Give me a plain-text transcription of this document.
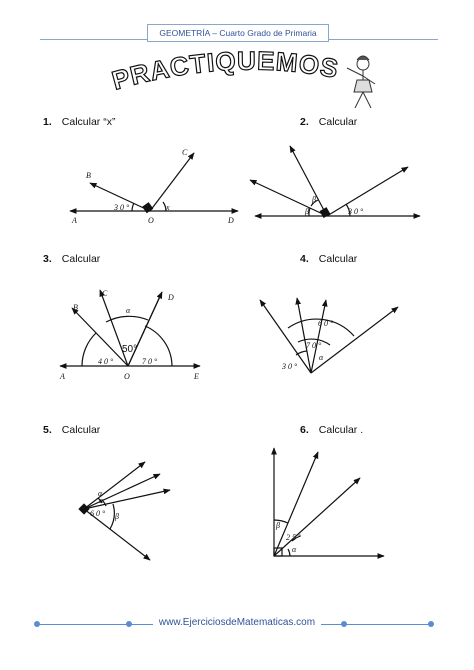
GEOMETRÍA – Cuarto Grado de Primaria
PRACTIQUEMOS
1. Calcular “x”	2. Calcular
3. Calcular	4. Calcular
5. Calcular	6. Calcular .
B
C
A	O	D
3 0 °	x
β
β	3 0 °
B
C	D
A	O	E
α
50°
4 0 °	7 0 °
6 0 °
7 0 °
3 0 °
α
α
α
6 0 ° β
β
2 5 °
α
www.EjerciciosdeMatematicas.com
